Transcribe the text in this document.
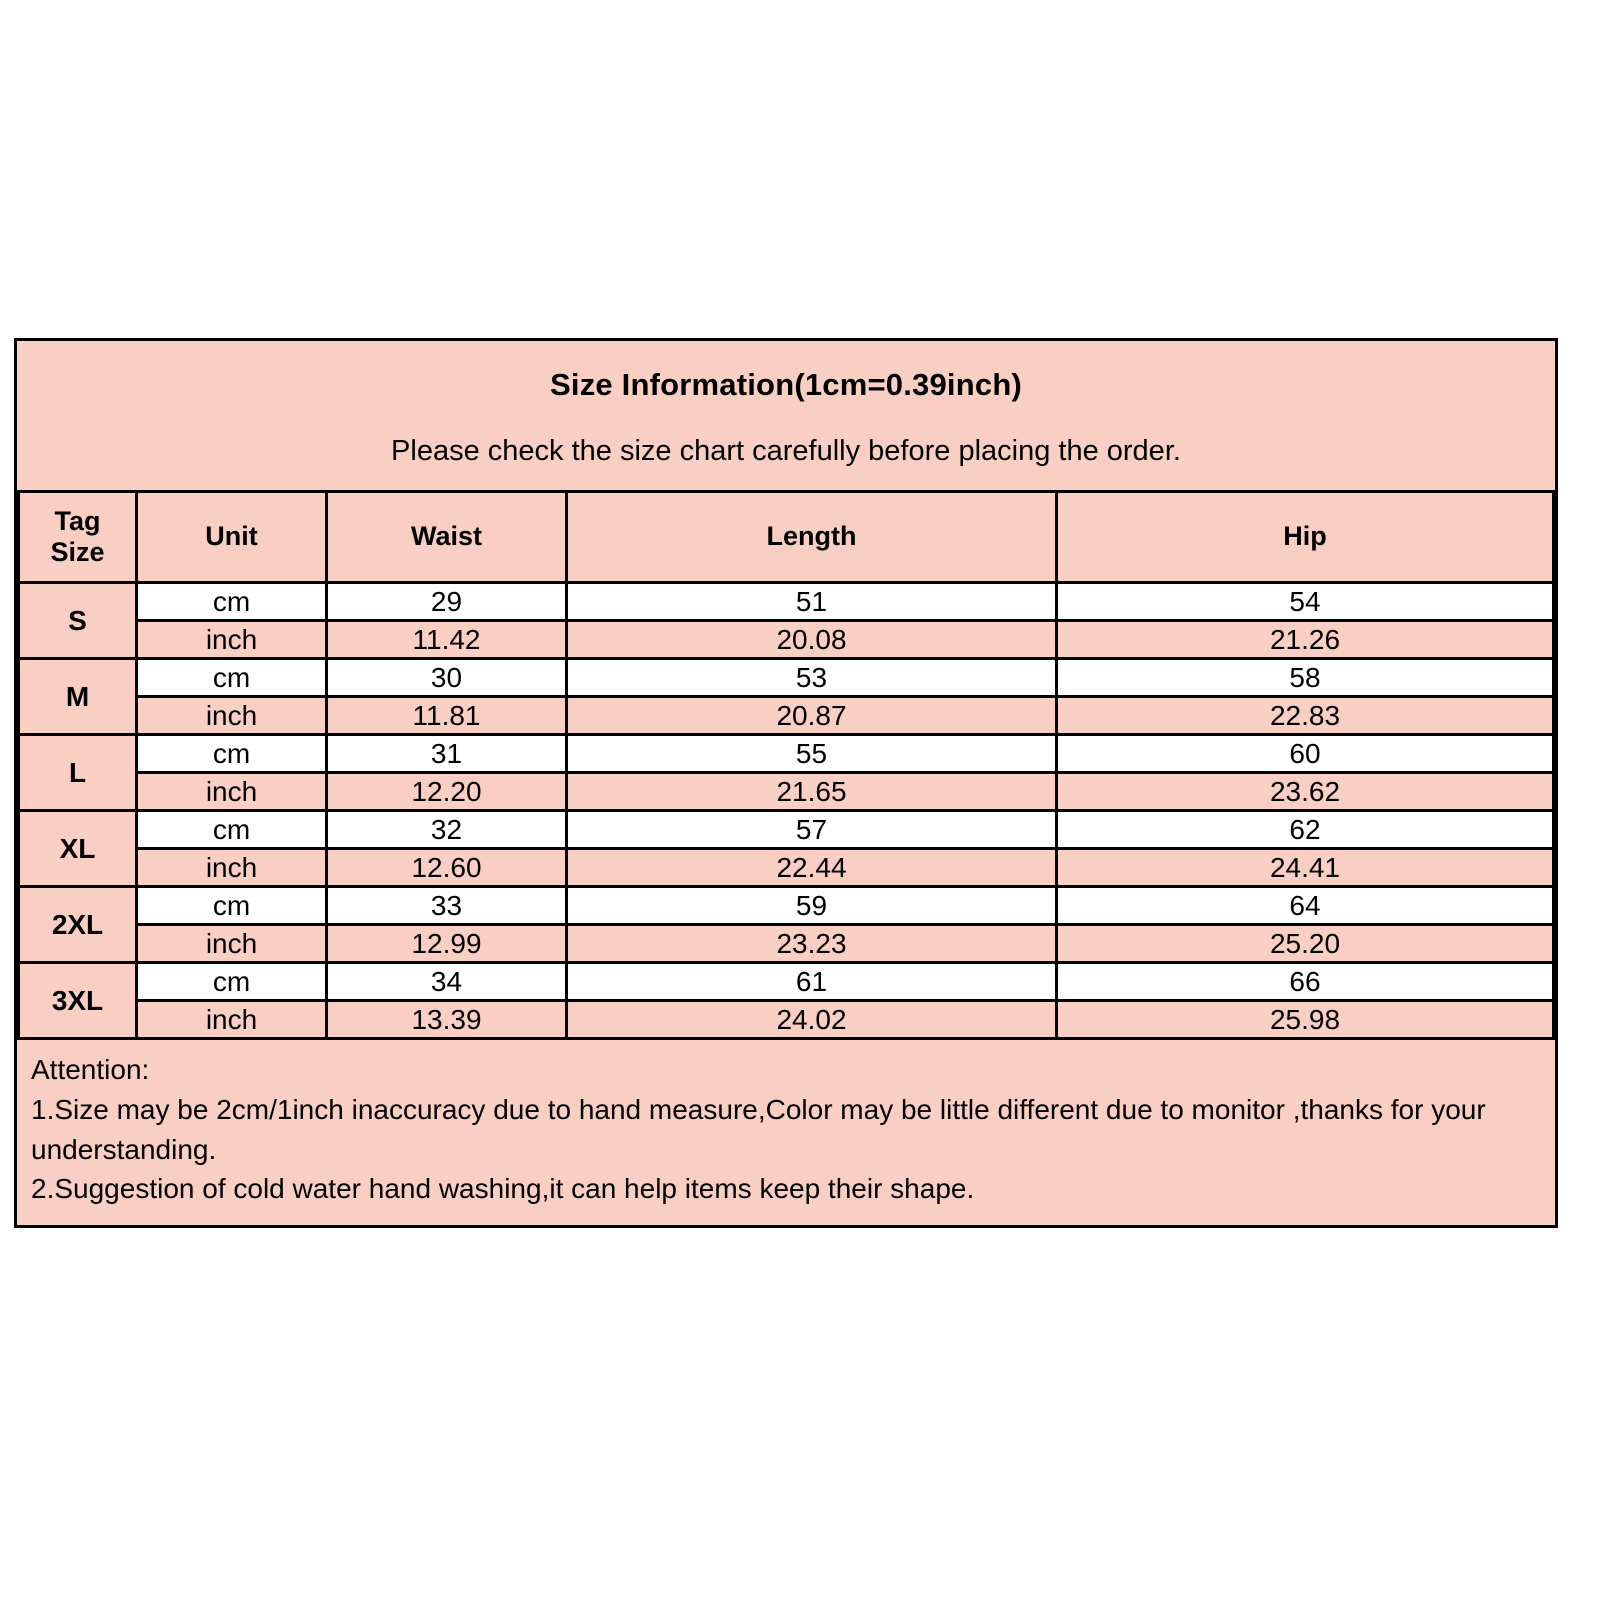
Size Information(1cm=0.39inch)
Please check the size chart carefully before placing the order.
Tag
Size	Unit	Waist	Length	Hip
S	cm	29	51	54
	inch	11.42	20.08	21.26
M	cm	30	53	58
	inch	11.81	20.87	22.83
L	cm	31	55	60
	inch	12.20	21.65	23.62
XL	cm	32	57	62
	inch	12.60	22.44	24.41
2XL	cm	33	59	64
	inch	12.99	23.23	25.20
3XL	cm	34	61	66
	inch	13.39	24.02	25.98
Attention:
1.Size may be 2cm/1inch inaccuracy due to hand measure,Color may be little different due to monitor ,thanks for your understanding.
2.Suggestion of cold water hand washing,it can help items keep their shape.
